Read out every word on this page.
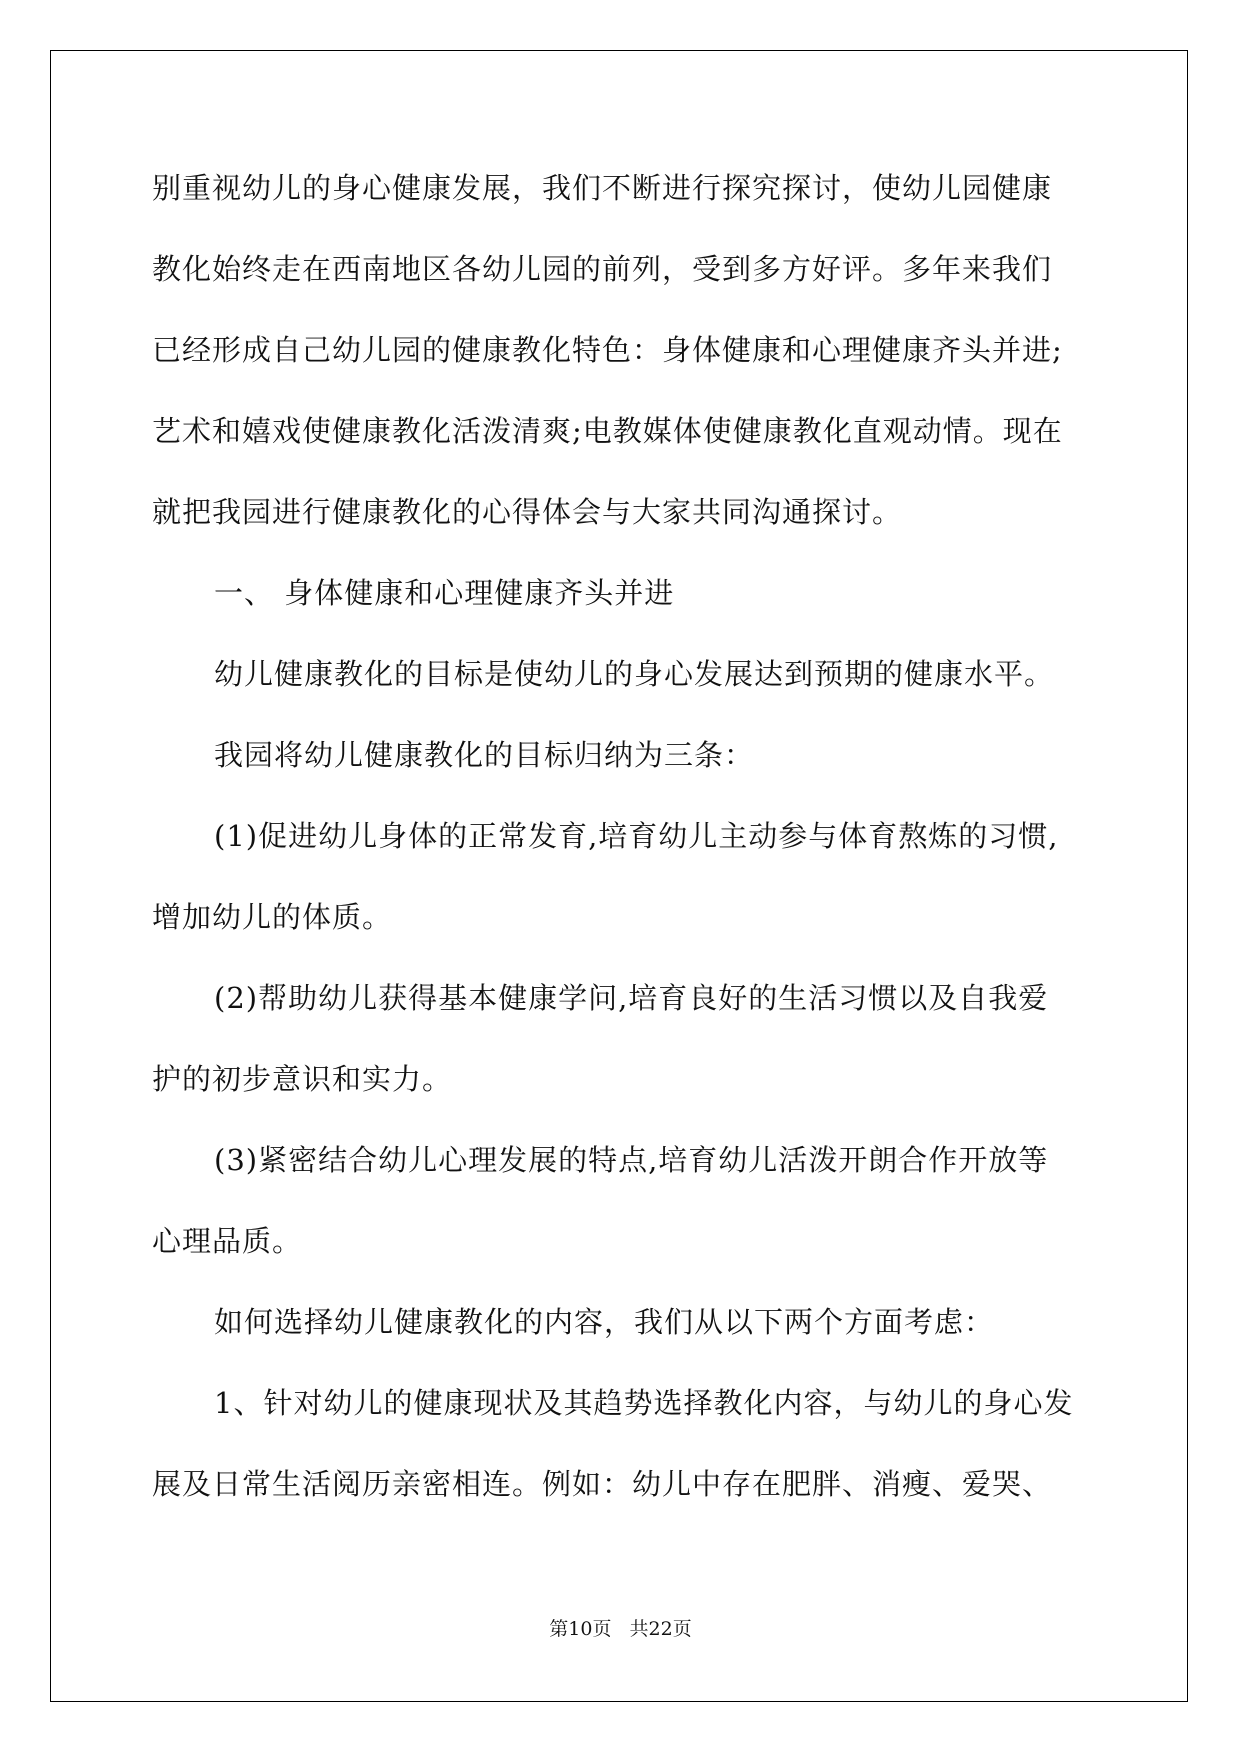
别重视幼儿的身心健康发展，我们不断进行探究探讨，使幼儿园健康
教化始终走在西南地区各幼儿园的前列，受到多方好评。多年来我们
已经形成自己幼儿园的健康教化特色：身体健康和心理健康齐头并进;
艺术和嬉戏使健康教化活泼清爽;电教媒体使健康教化直观动情。现在
就把我园进行健康教化的心得体会与大家共同沟通探讨。
一、 身体健康和心理健康齐头并进
幼儿健康教化的目标是使幼儿的身心发展达到预期的健康水平。
我园将幼儿健康教化的目标归纳为三条：
(1)促进幼儿身体的正常发育,培育幼儿主动参与体育熬炼的习惯,
增加幼儿的体质。
(2)帮助幼儿获得基本健康学问,培育良好的生活习惯以及自我爱
护的初步意识和实力。
(3)紧密结合幼儿心理发展的特点,培育幼儿活泼开朗合作开放等
心理品质。
如何选择幼儿健康教化的内容，我们从以下两个方面考虑：
1、针对幼儿的健康现状及其趋势选择教化内容，与幼儿的身心发
展及日常生活阅历亲密相连。例如：幼儿中存在肥胖、消瘦、爱哭、
第10页 共22页
